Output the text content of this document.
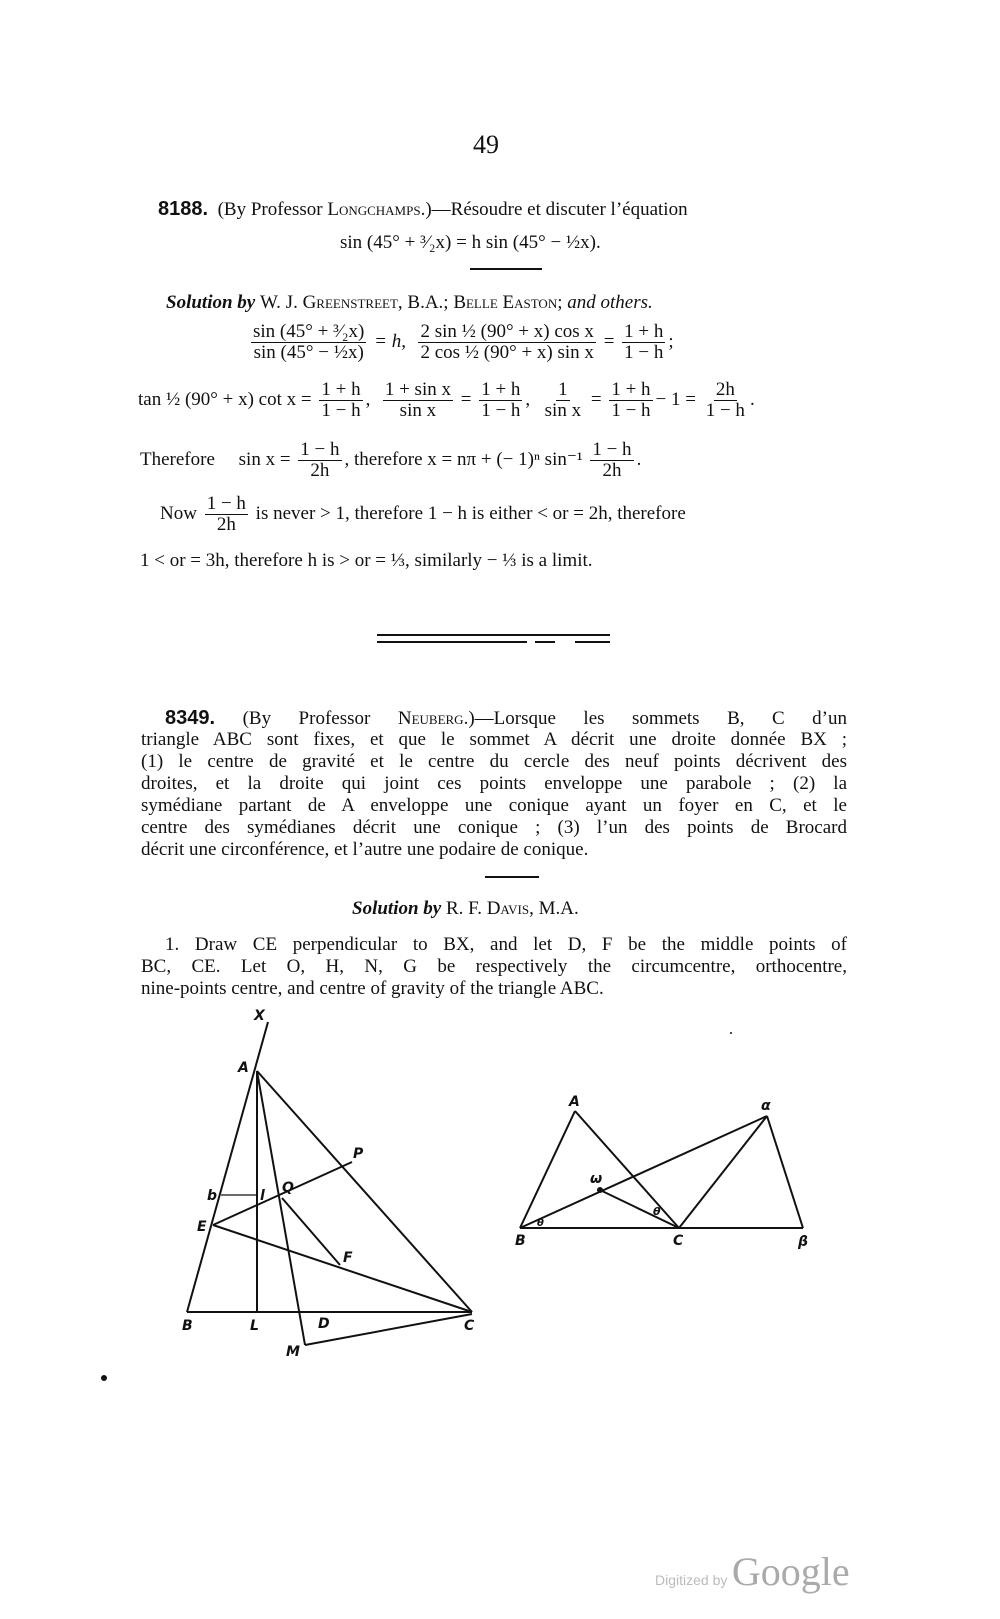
49
8188. (By Professor Longchamps.)—Résoudre et discuter l’équation
sin (45° + ³⁄₂x) = h sin (45° − ½x).
Solution by W. J. Greenstreet, B.A.; Belle Easton; and others.
$\frac{\text{sin (45° + ³⁄₂x)}}{\text{sin (45° − ½x)}} = h$, $\frac{\text{2 sin ½ (90° + x) cos x}}{\text{2 cos ½ (90° + x) sin x}} = \frac{1 + h}{1 - h}$ ;
tan ½ (90° + x) $\cot x = \frac{1 + h}{1 - h}$ , $\frac{\text{1 + sin x}}{\text{sin x}} = \frac{1 + h}{1 - h}$ , $\frac{1}{\text{sin x}} = \frac{1 + h}{1 - h} - 1 = \frac{2h}{1 - h}$ .
Therefore $\sin x = \frac{1 - h}{2h}$ , therefore x = nπ + (− 1)ⁿ $\sin^{-1} \frac{1 - h}{2h}$ .
Now $\frac{1 - h}{2h}$ is never > 1, therefore 1 − h is either < or = 2h, therefore
1 < or = 3h, therefore h is > or = ⅓, similarly − ⅓ is a limit.
8349. (By Professor Neuberg.)—Lorsque les sommets B, C d’un
triangle ABC sont fixes, et que le sommet A décrit une droite donnée BX ;
(1) le centre de gravité et le centre du cercle des neuf points décrivent des
droites, et la droite qui joint ces points enveloppe une parabole ; (2) la
symédiane partant de A enveloppe une conique ayant un foyer en C, et le
centre des symédianes décrit une conique ; (3) l’un des points de Brocard
décrit une circonférence, et l’autre une podaire de conique.
Solution by R. F. Davis, M.A.
1. Draw CE perpendicular to BX, and let D, F be the middle points of
BC, CE. Let O, H, N, G be respectively the circumcentre, orthocentre,
nine-points centre, and centre of gravity of the triangle ABC.
X
A
P
b	l Q
E
F
B	L	D	C
M
A	α
ω
θ
θ
B	C	β
Digitized by Google
